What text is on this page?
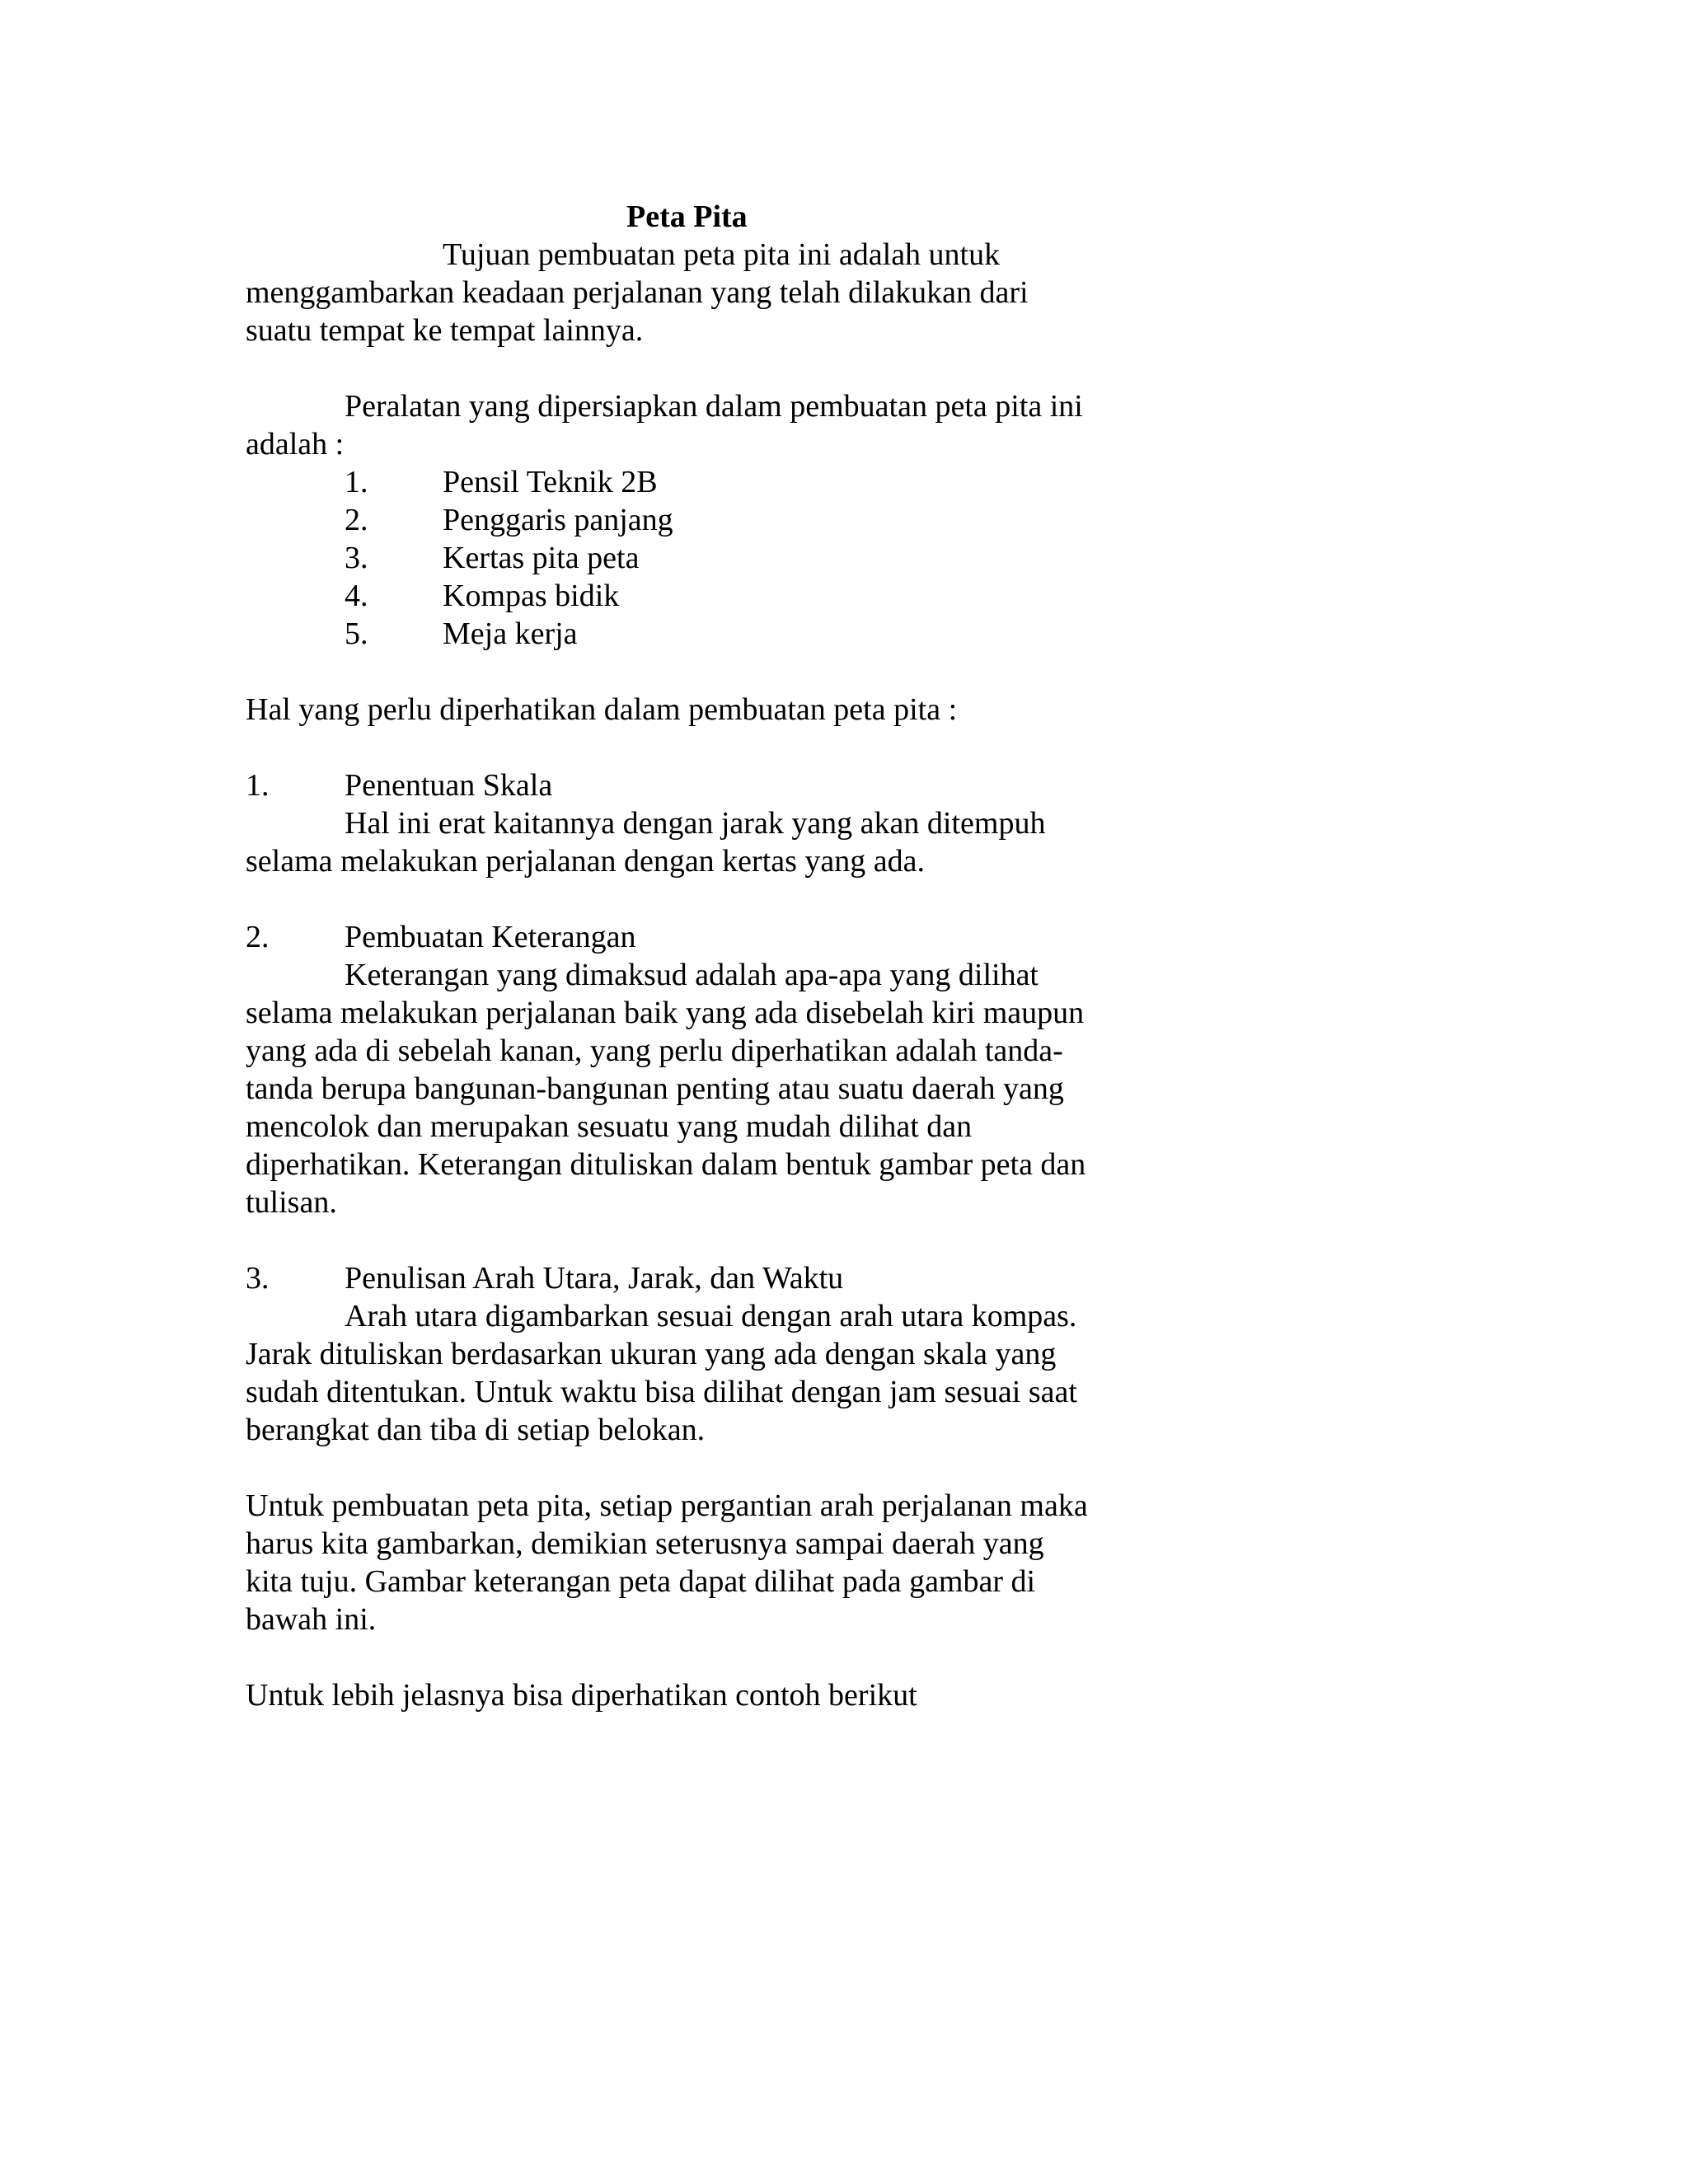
Peta Pita

Tujuan pembuatan peta pita ini adalah untuk

menggambarkan keadaan perjalanan yang telah dilakukan dari

suatu tempat ke tempat lainnya.

Peralatan yang dipersiapkan dalam pembuatan peta pita ini

adalah :

1. Pensil Teknik 2B

2. Penggaris panjang

3. Kertas pita peta

4. Kompas bidik

5. Meja kerja

Hal yang perlu diperhatikan dalam pembuatan peta pita :

1. Penentuan Skala

Hal ini erat kaitannya dengan jarak yang akan ditempuh

selama melakukan perjalanan dengan kertas yang ada.

2. Pembuatan Keterangan

Keterangan yang dimaksud adalah apa-apa yang dilihat

selama melakukan perjalanan baik yang ada disebelah kiri maupun

yang ada di sebelah kanan, yang perlu diperhatikan adalah tanda-

tanda berupa bangunan-bangunan penting atau suatu daerah yang

mencolok dan merupakan sesuatu yang mudah dilihat dan

diperhatikan. Keterangan dituliskan dalam bentuk gambar peta dan

tulisan.

3. Penulisan Arah Utara, Jarak, dan Waktu

Arah utara digambarkan sesuai dengan arah utara kompas.

Jarak dituliskan berdasarkan ukuran yang ada dengan skala yang

sudah ditentukan. Untuk waktu bisa dilihat dengan jam sesuai saat

berangkat dan tiba di setiap belokan.

Untuk pembuatan peta pita, setiap pergantian arah perjalanan maka

harus kita gambarkan, demikian seterusnya sampai daerah yang

kita tuju. Gambar keterangan peta dapat dilihat pada gambar di

bawah ini.

Untuk lebih jelasnya bisa diperhatikan contoh berikut
